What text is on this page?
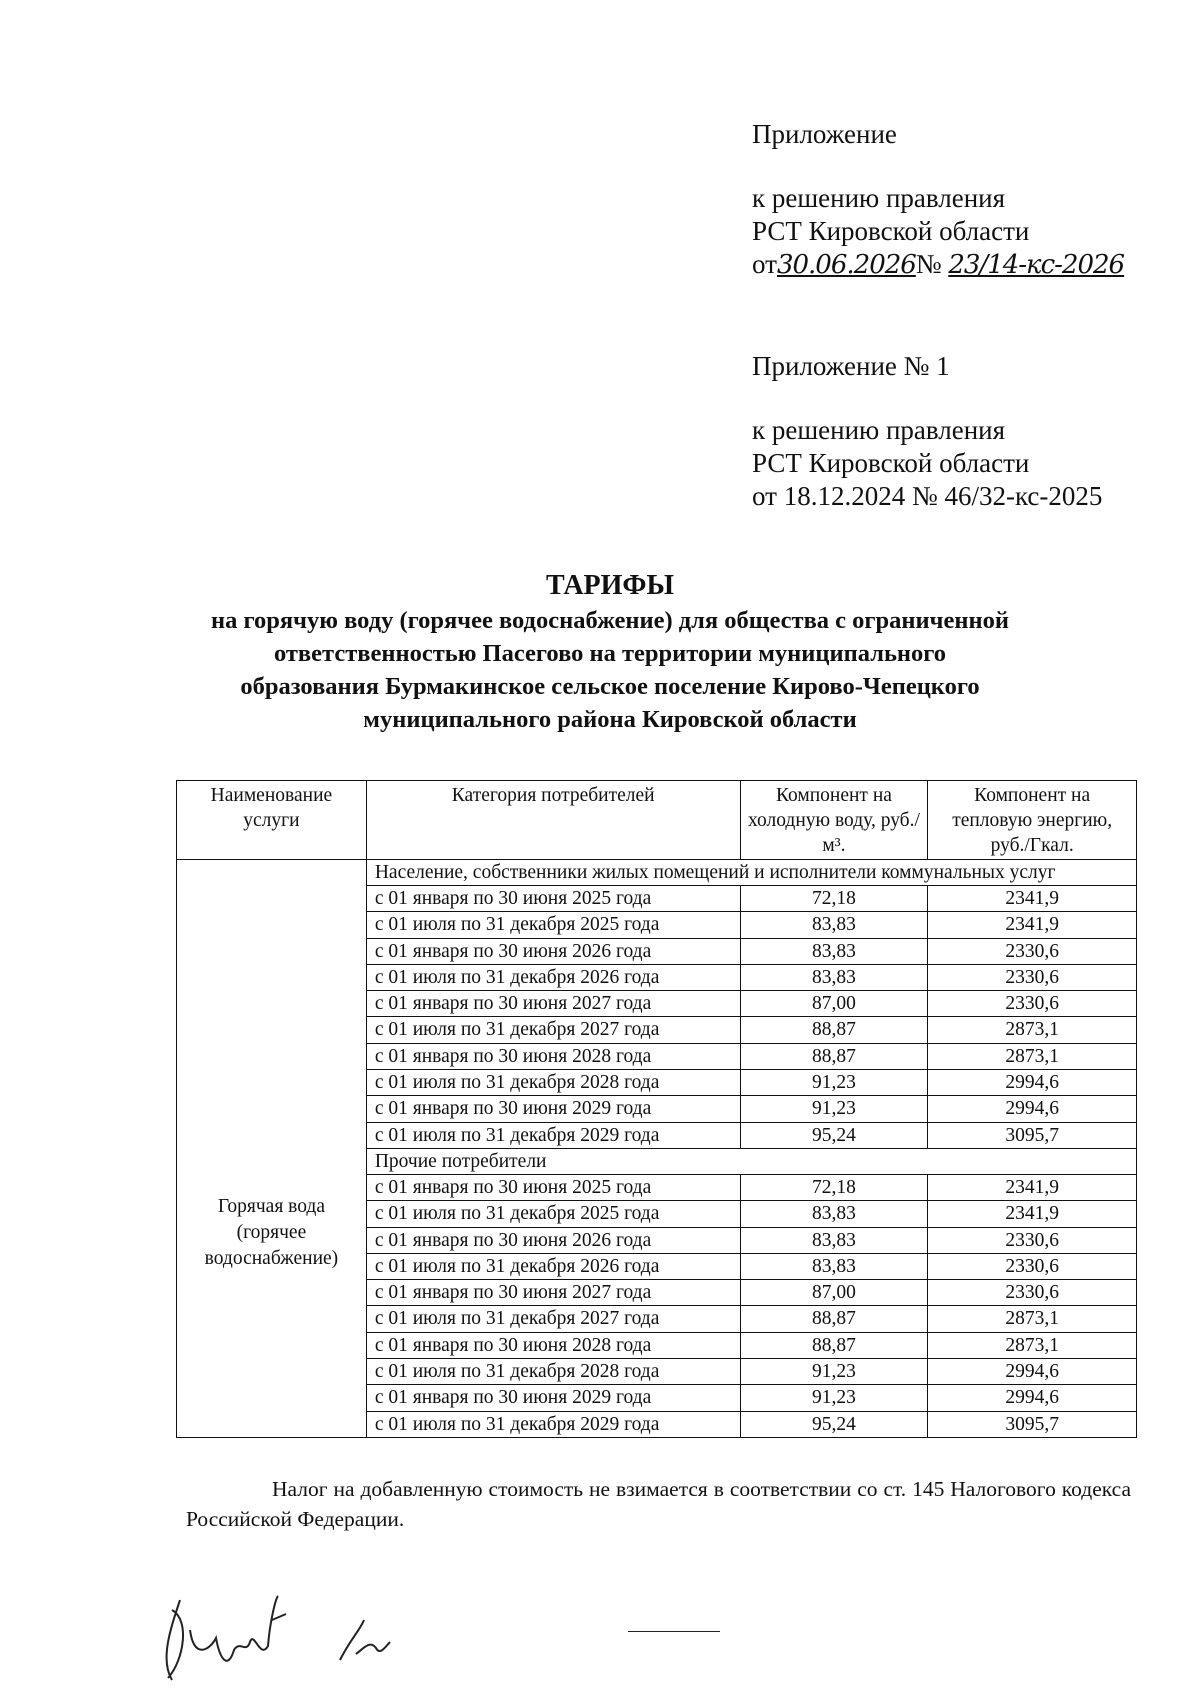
Приложение
к решению правления
РСТ Кировской области
от30.06.2026№ 23/14-кс-2026
Приложение № 1
к решению правления
РСТ Кировской области
от 18.12.2024 № 46/32-кс-2025
ТАРИФЫ
на горячую воду (горячее водоснабжение) для общества с ограниченной
ответственностью Пасегово на территории муниципального
образования Бурмакинское сельское поселение Кирово-Чепецкого
муниципального района Кировской области
Наименование услуги	Категория потребителей	Компонент на холодную воду, руб./м³.	Компонент на тепловую энергию, руб./Гкал.
Горячая вода (горячее водоснабжение)	Население, собственники жилых помещений и исполнители коммунальных услуг		
	с 01 января по 30 июня 2025 года	72,18	2341,9
	с 01 июля по 31 декабря 2025 года	83,83	2341,9
	с 01 января по 30 июня 2026 года	83,83	2330,6
	с 01 июля по 31 декабря 2026 года	83,83	2330,6
	с 01 января по 30 июня 2027 года	87,00	2330,6
	с 01 июля по 31 декабря 2027 года	88,87	2873,1
	с 01 января по 30 июня 2028 года	88,87	2873,1
	с 01 июля по 31 декабря 2028 года	91,23	2994,6
	с 01 января по 30 июня 2029 года	91,23	2994,6
	с 01 июля по 31 декабря 2029 года	95,24	3095,7
	Прочие потребители		
	с 01 января по 30 июня 2025 года	72,18	2341,9
	с 01 июля по 31 декабря 2025 года	83,83	2341,9
	с 01 января по 30 июня 2026 года	83,83	2330,6
	с 01 июля по 31 декабря 2026 года	83,83	2330,6
	с 01 января по 30 июня 2027 года	87,00	2330,6
	с 01 июля по 31 декабря 2027 года	88,87	2873,1
	с 01 января по 30 июня 2028 года	88,87	2873,1
	с 01 июля по 31 декабря 2028 года	91,23	2994,6
	с 01 января по 30 июня 2029 года	91,23	2994,6
	с 01 июля по 31 декабря 2029 года	95,24	3095,7
Налог на добавленную стоимость не взимается в соответствии со ст. 145 Налогового кодекса Российской Федерации.
